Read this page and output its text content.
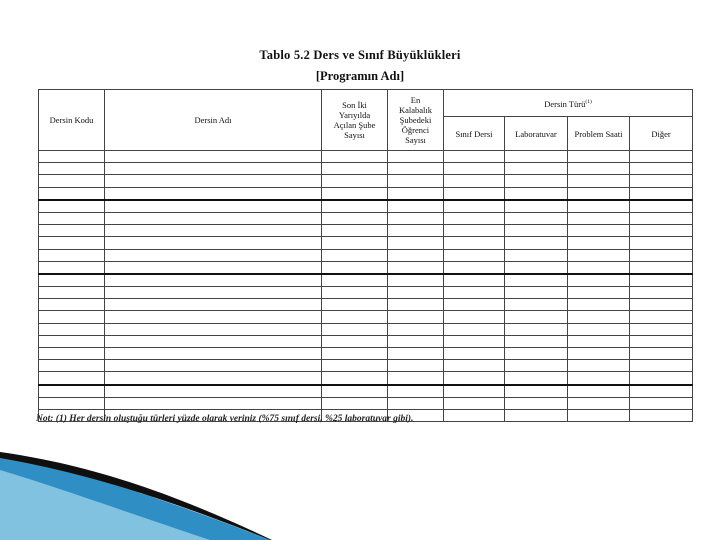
Tablo 5.2 Ders ve Sınıf Büyüklükleri
[Programın Adı]
Dersin Kodu	Dersin Adı	Son İki
Yarıyılda
Açılan Şube
Sayısı	En
Kalabalık
Şubedeki
Öğrenci
Sayısı	Dersin Türü$^{(1)}$
				Sınıf Dersi	Laboratuvar	Problem Saati	Diğer

Not: (1) Her dersin oluştuğu türleri yüzde olarak veriniz (%75 sınıf dersi, %25 laboratuvar gibi).
